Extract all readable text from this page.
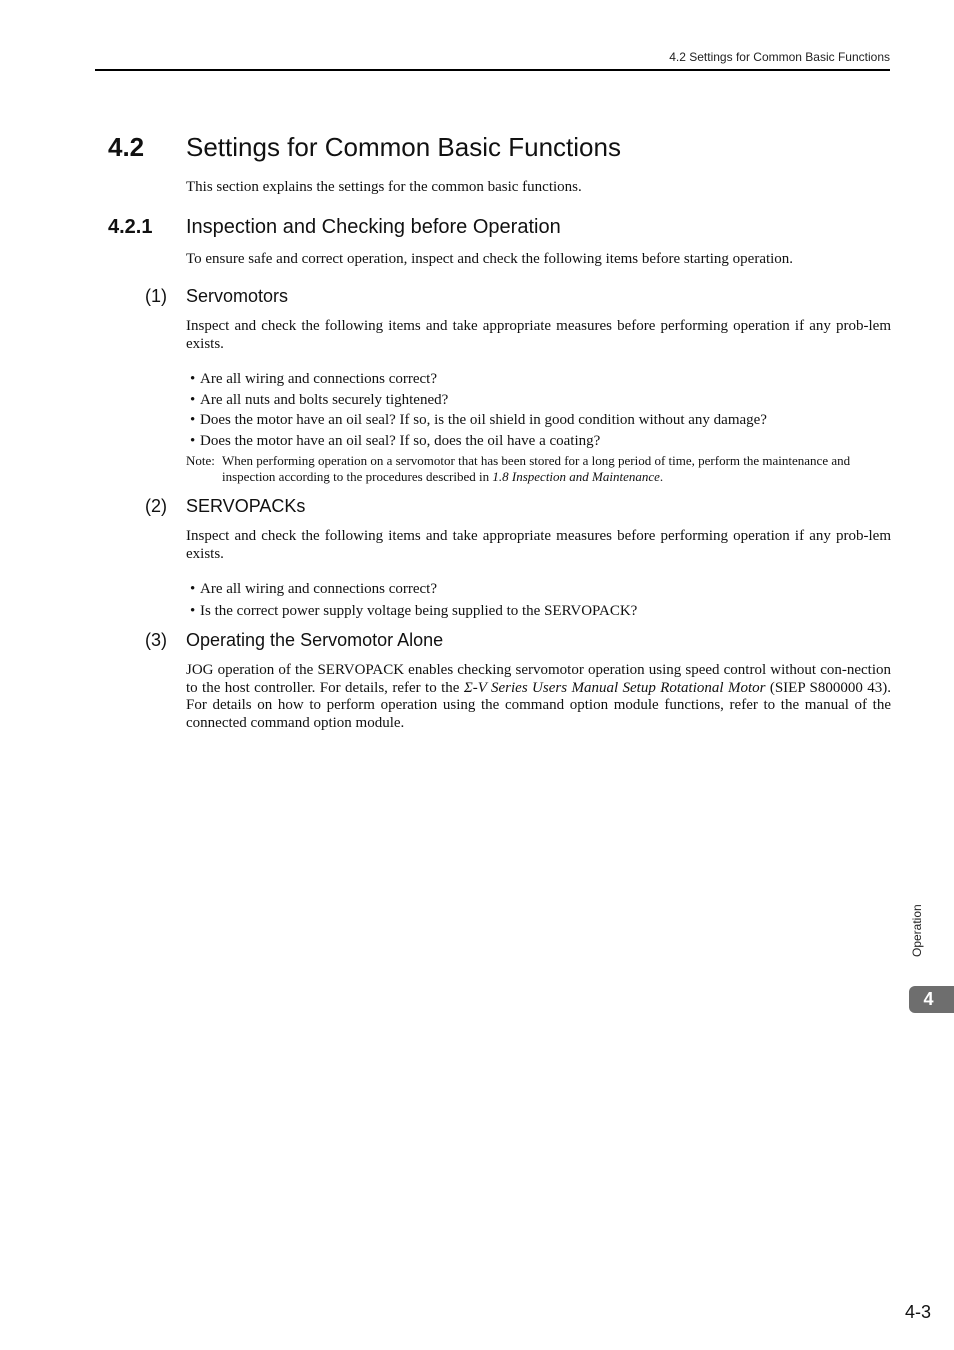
4.2 Settings for Common Basic Functions
4.2	Settings for Common Basic Functions
This section explains the settings for the common basic functions.
4.2.1	Inspection and Checking before Operation
To ensure safe and correct operation, inspect and check the following items before starting operation.
(1)	Servomotors
Inspect and check the following items and take appropriate measures before performing operation if any prob-lem exists.
• Are all wiring and connections correct?
• Are all nuts and bolts securely tightened?
• Does the motor have an oil seal? If so, is the oil shield in good condition without any damage?
• Does the motor have an oil seal? If so, does the oil have a coating?
Note: When performing operation on a servomotor that has been stored for a long period of time, perform the maintenance and inspection according to the procedures described in 1.8 Inspection and Maintenance.
(2)	SERVOPACKs
Inspect and check the following items and take appropriate measures before performing operation if any prob-lem exists.
• Are all wiring and connections correct?
• Is the correct power supply voltage being supplied to the SERVOPACK?
(3)	Operating the Servomotor Alone
JOG operation of the SERVOPACK enables checking servomotor operation using speed control without con-nection to the host controller. For details, refer to the Σ-V Series Users Manual Setup Rotational Motor (SIEP S800000 43). For details on how to perform operation using the command option module functions, refer to the manual of the connected command option module.
Operation
4
4-3
